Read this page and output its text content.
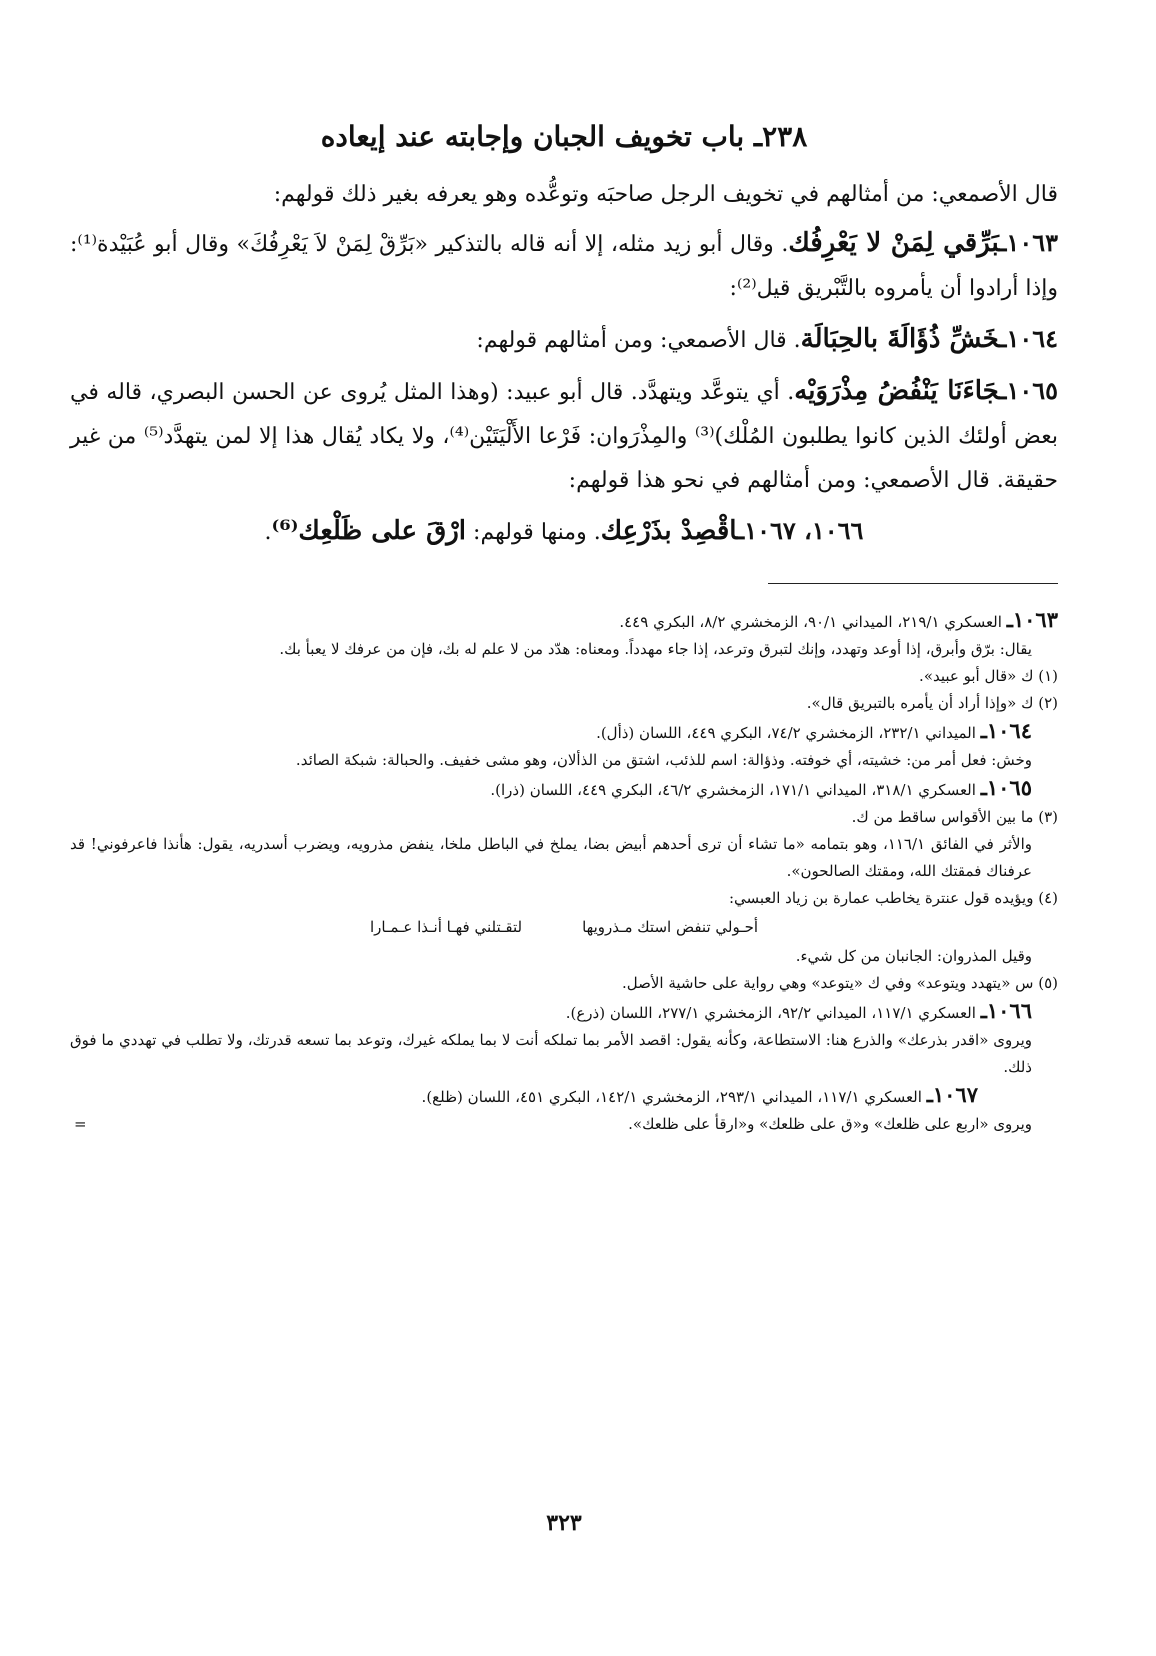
٢٣٨ـ باب تخويف الجبان وإجابته عند إيعاده

قال الأصمعي: من أمثالهم في تخويف الرجل صاحبَه وتوعُّده وهو يعرفه بغير ذلك قولهم:

١٠٦٣ـبَرِّقي لِمَنْ لا يَعْرِفُك. وقال أبو زيد مثله، إلا أنه قاله بالتذكير «بَرِّقْ لِمَنْ لاَ يَعْرِفُكَ» وقال أبو عُبَيْدة⁽¹⁾: وإذا أرادوا أن يأمروه بالتَّبْريق قيل⁽²⁾:

١٠٦٤ـخَشِّ ذُؤَالَةَ بالحِبَالَة. قال الأصمعي: ومن أمثالهم قولهم:

١٠٦٥ـجَاءَنَا يَنْفُضُ مِذْرَوَيْه. أي يتوعَّد ويتهدَّد. قال أبو عبيد: (وهذا المثل يُروى عن الحسن البصري، قاله في بعض أولئك الذين كانوا يطلبون المُلْك)⁽³⁾ والمِذْرَوان: فَرْعا الأَلْيَتَيْن⁽⁴⁾، ولا يكاد يُقال هذا إلا لمن يتهدَّد⁽⁵⁾ من غير حقيقة. قال الأصمعي: ومن أمثالهم في نحو هذا قولهم:

١٠٦٦، ١٠٦٧ـاقْصِدْ بذَرْعِك. ومنها قولهم: ارْقَ على ظَلْعِك⁽⁶⁾.

١٠٦٣ـ العسكري ٢١٩/١، الميداني ٩٠/١، الزمخشري ٨/٢، البكري ٤٤٩.

يقال: برّق وأبرق، إذا أوعد وتهدد، وإنك لتبرق وترعد، إذا جاء مهدداً. ومعناه: هدّد من لا علم له بك، فإن من عرفك لا يعبأ بك.

(١) ك «قال أبو عبيد».

(٢) ك «وإذا أراد أن يأمره بالتبريق قال».

١٠٦٤ـ الميداني ٢٣٢/١، الزمخشري ٧٤/٢، البكري ٤٤٩، اللسان (ذأل).

وخش: فعل أمر من: خشيته، أي خوفته. وذؤالة: اسم للذئب، اشتق من الذألان، وهو مشى خفيف. والحبالة: شبكة الصائد.

١٠٦٥ـ العسكري ٣١٨/١، الميداني ١٧١/١، الزمخشري ٤٦/٢، البكري ٤٤٩، اللسان (ذرا).

(٣) ما بين الأقواس ساقط من ك.

والأثر في الفائق ١١٦/١، وهو بتمامه «ما تشاء أن ترى أحدهم أبيض بضا، يملخ في الباطل ملخا، ينفض مذرويه، ويضرب أسدريه، يقول: هأنذا فاعرفوني! قد عرفناك فمقتك الله، ومقتك الصالحون».

(٤) ويؤيده قول عنترة يخاطب عمارة بن زياد العبسي:

أحـولي تنفض استك مـذرويها
لتقـتلني فهـا أنـذا عـمـارا

وقيل المذروان: الجانبان من كل شيء.

(٥) س «يتهدد ويتوعد» وفي ك «يتوعد» وهي رواية على حاشية الأصل.

١٠٦٦ـ العسكري ١١٧/١، الميداني ٩٢/٢، الزمخشري ٢٧٧/١، اللسان (ذرع).

ويروى «اقدر بذرعك» والذرع هنا: الاستطاعة، وكأنه يقول: اقصد الأمر بما تملكه أنت لا بما يملكه غيرك، وتوعد بما تسعه قدرتك، ولا تطلب في تهددي ما فوق ذلك.

١٠٦٧ـ العسكري ١١٧/١، الميداني ٢٩٣/١، الزمخشري ١٤٢/١، البكري ٤٥١، اللسان (ظلع).

ويروى «اربع على ظلعك» و«ق على ظلعك» و«ارقأ على ظلعك».
=

٣٢٣
